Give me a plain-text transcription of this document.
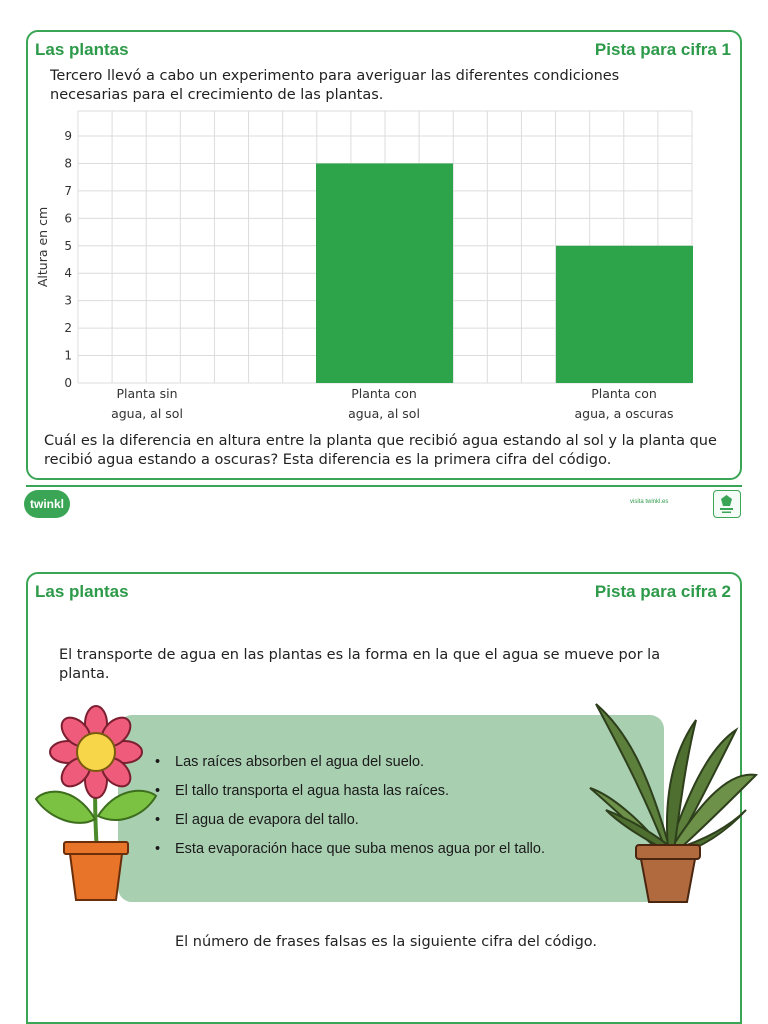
Las plantas	Pista para cifra 1
Tercero llevó a cabo un experimento para averiguar las diferentes condiciones necesarias para el crecimiento de las plantas.
Cuál es la diferencia en altura entre la planta que recibió agua estando al sol y la planta que recibió agua estando a oscuras? Esta diferencia es la primera cifra del código.
0
1
2
3
4
5
6
7
8
9
Planta sin
agua, al sol
Planta con
agua, al sol
Planta con
agua, a oscuras
Altura en cm
twinkl	visita twinkl.es
Las plantas	Pista para cifra 2
El transporte de agua en las plantas es la forma en la que el agua se mueve por la planta.
El número de frases falsas es la siguiente cifra del código.
• Las raíces absorben el agua del suelo.
• El tallo transporta el agua hasta las raíces.
• El agua de evapora del tallo.
• Esta evaporación hace que suba menos agua por el tallo.
